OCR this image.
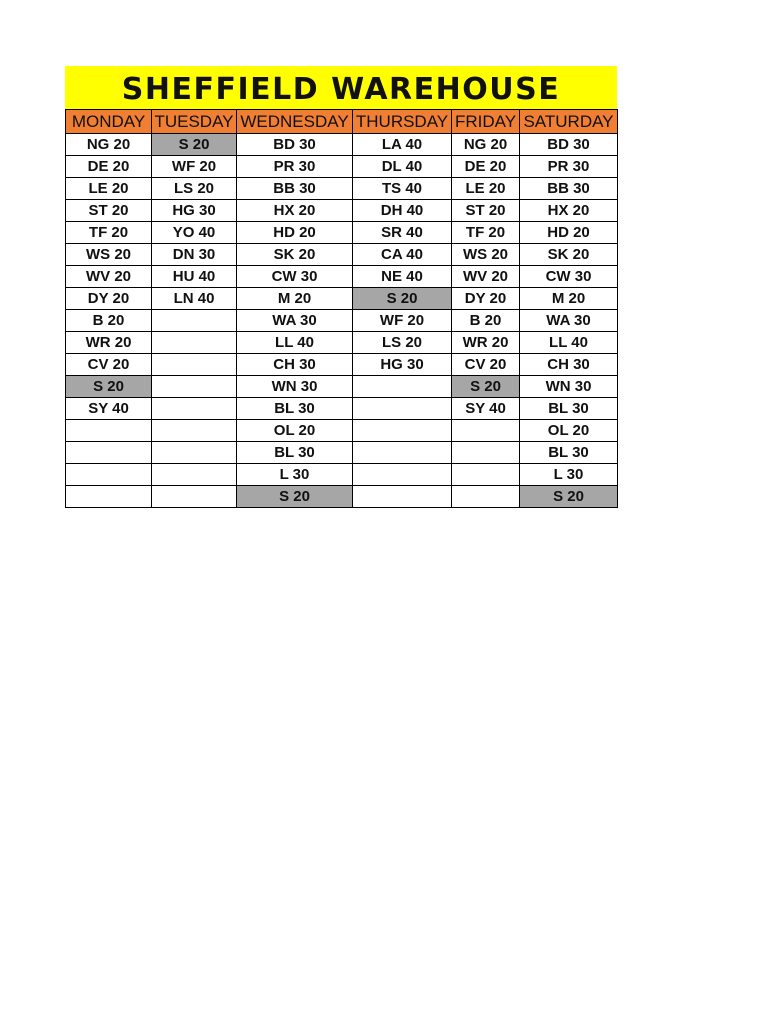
SHEFFIELD WAREHOUSE
MONDAY	TUESDAY	WEDNESDAY	THURSDAY	FRIDAY	SATURDAY
NG 20	S 20	BD 30	LA 40	NG 20	BD 30
DE 20	WF 20	PR 30	DL 40	DE 20	PR 30
LE 20	LS 20	BB 30	TS 40	LE 20	BB 30
ST 20	HG 30	HX 20	DH 40	ST 20	HX 20
TF 20	YO 40	HD 20	SR 40	TF 20	HD 20
WS 20	DN 30	SK 20	CA 40	WS 20	SK 20
WV 20	HU 40	CW 30	NE 40	WV 20	CW 30
DY 20	LN 40	M 20	S 20	DY 20	M 20
B 20		WA 30	WF 20	B 20	WA 30
WR 20		LL 40	LS 20	WR 20	LL 40
CV 20		CH 30	HG 30	CV 20	CH 30
S 20		WN 30		S 20	WN 30
SY 40		BL 30		SY 40	BL 30
		OL 20			OL 20
		BL 30			BL 30
		L 30			L 30
		S 20			S 20
